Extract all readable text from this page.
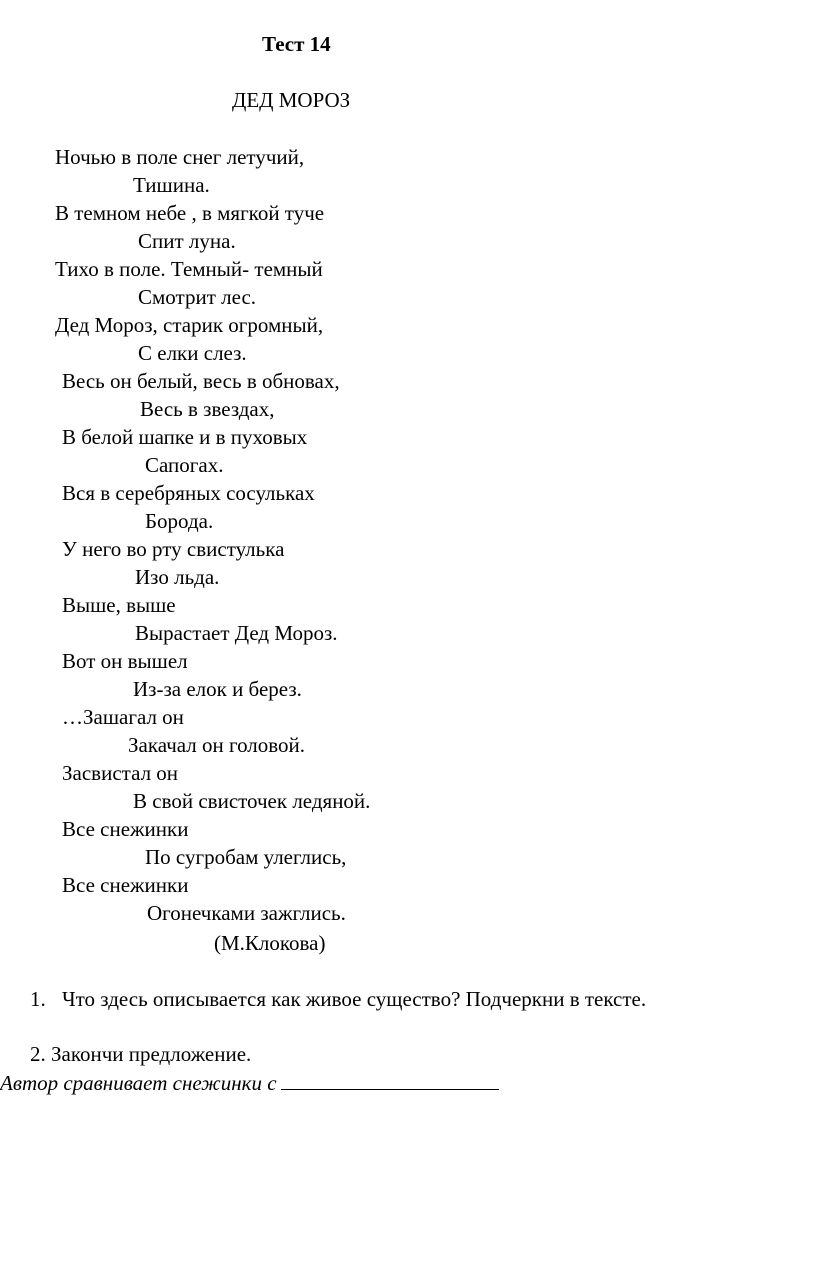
Тест 14
ДЕД МОРОЗ
Ночью в поле снег летучий,
Тишина.
В темном небе , в мягкой туче
Спит луна.
Тихо в поле. Темный- темный
Смотрит лес.
Дед Мороз, старик огромный,
С елки слез.
Весь он белый, весь в обновах,
Весь в звездах,
В белой шапке и в пуховых
Сапогах.
Вся в серебряных сосульках
Борода.
У него во рту свистулька
Изо льда.
Выше, выше
Вырастает Дед Мороз.
Вот он вышел
Из-за елок и берез.
…Зашагал он
Закачал он головой.
Засвистал он
В свой свисточек ледяной.
Все снежинки
По сугробам улеглись,
Все снежинки
Огонечками зажглись.
(М.Клокова)
1. Что здесь описывается как живое существо? Подчеркни в тексте.
2. Закончи предложение.
Автор сравнивает снежинки с
